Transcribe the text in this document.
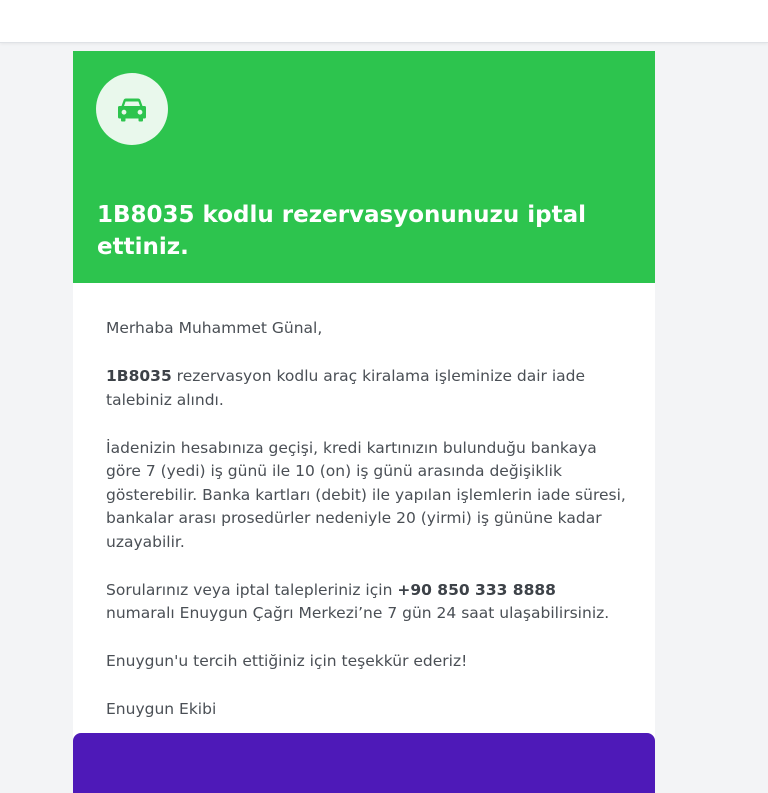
1B8035 kodlu rezervasyonunuzu iptal ettiniz.

Merhaba Muhammet Günal,

1B8035 rezervasyon kodlu araç kiralama işleminize dair iade talebiniz alındı.

İadenizin hesabınıza geçişi, kredi kartınızın bulunduğu bankaya göre 7 (yedi) iş günü ile 10 (on) iş günü arasında değişiklik gösterebilir. Banka kartları (debit) ile yapılan işlemlerin iade süresi, bankalar arası prosedürler nedeniyle 20 (yirmi) iş gününe kadar uzayabilir.

Sorularınız veya iptal talepleriniz için +90 850 333 8888 numaralı Enuygun Çağrı Merkezi’ne 7 gün 24 saat ulaşabilirsiniz.

Enuygun'u tercih ettiğiniz için teşekkür ederiz!

Enuygun Ekibi
